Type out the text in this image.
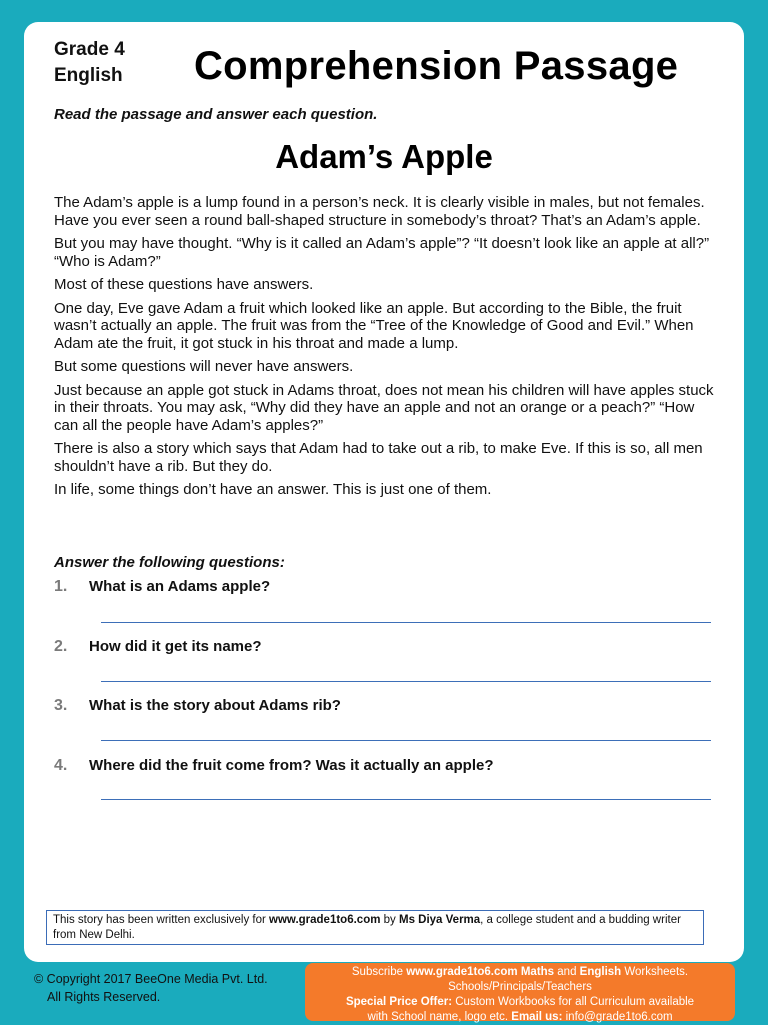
Grade 4
English Comprehension Passage
Read the passage and answer each question.
Adam’s Apple

The Adam’s apple is a lump found in a person’s neck. It is clearly visible in males, but not females. Have you ever seen a round ball-shaped structure in somebody’s throat? That’s an Adam’s apple.

But you may have thought. “Why is it called an Adam’s apple”? “It doesn’t look like an apple at all?” “Who is Adam?”

Most of these questions have answers.

One day, Eve gave Adam a fruit which looked like an apple. But according to the Bible, the fruit wasn’t actually an apple. The fruit was from the “Tree of the Knowledge of Good and Evil.” When Adam ate the fruit, it got stuck in his throat and made a lump.

But some questions will never have answers.

Just because an apple got stuck in Adams throat, does not mean his children will have apples stuck in their throats. You may ask, “Why did they have an apple and not an orange or a peach?” “How can all the people have Adam’s apples?”

There is also a story which says that Adam had to take out a rib, to make Eve. If this is so, all men shouldn’t have a rib. But they do.

In life, some things don’t have an answer. This is just one of them.

Answer the following questions:
1. What is an Adams apple?
2. How did it get its name?
3. What is the story about Adams rib?
4. Where did the fruit come from? Was it actually an apple?
This story has been written exclusively for www.grade1to6.com by Ms Diya Verma, a college student and a budding writer from New Delhi.
© Copyright 2017 BeeOne Media Pvt. Ltd.
All Rights Reserved.
Subscribe www.grade1to6.com Maths and English Worksheets.
Schools/Principals/Teachers
Special Price Offer: Custom Workbooks for all Curriculum available
with School name, logo etc. Email us: info@grade1to6.com
